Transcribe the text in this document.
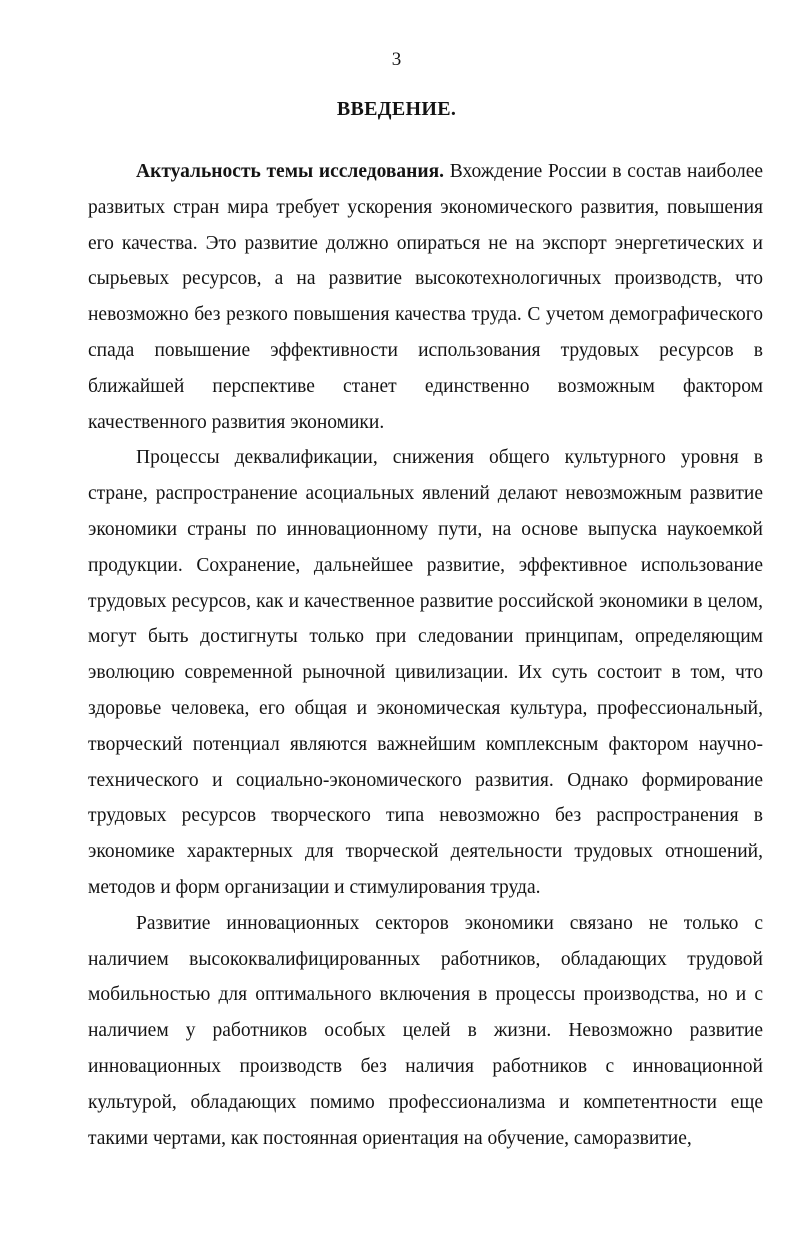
3
ВВЕДЕНИЕ.

Актуальность темы исследования. Вхождение России в состав наиболее развитых стран мира требует ускорения экономического развития, повышения его качества. Это развитие должно опираться не на экспорт энергетических и сырьевых ресурсов, а на развитие высокотехнологичных производств, что невозможно без резкого повышения качества труда. С учетом демографического спада повышение эффективности использования трудовых ресурсов в ближайшей перспективе станет единственно возможным фактором качественного развития экономики.

Процессы деквалификации, снижения общего культурного уровня в стране, распространение асоциальных явлений делают невозможным развитие экономики страны по инновационному пути, на основе выпуска наукоемкой продукции. Сохранение, дальнейшее развитие, эффективное использование трудовых ресурсов, как и качественное развитие российской экономики в целом, могут быть достигнуты только при следовании принципам, определяющим эволюцию современной рыночной цивилизации. Их суть состоит в том, что здоровье человека, его общая и экономическая культура, профессиональный, творческий потенциал являются важнейшим комплексным фактором научно-технического и социально-экономического развития. Однако формирование трудовых ресурсов творческого типа невозможно без распространения в экономике характерных для творческой деятельности трудовых отношений, методов и форм организации и стимулирования труда.

Развитие инновационных секторов экономики связано не только с наличием высококвалифицированных работников, обладающих трудовой мобильностью для оптимального включения в процессы производства, но и с наличием у работников особых целей в жизни. Невозможно развитие инновационных производств без наличия работников с инновационной культурой, обладающих помимо профессионализма и компетентности еще такими чертами, как постоянная ориентация на обучение, саморазвитие,
